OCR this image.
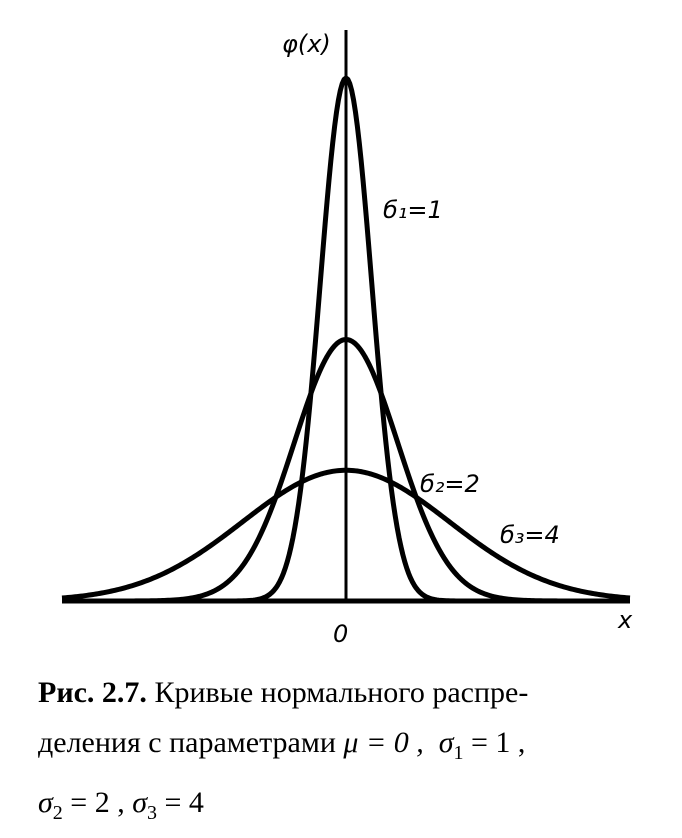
φ(x)
x
0
б₁=1
б₂=2
б₃=4
Рис. 2.7. Кривые нормального распре-
деления с параметрами μ = 0 , $\sigma_1 = 1$ ,
$\sigma_2 = 2$ , $\sigma_3 = 4$
